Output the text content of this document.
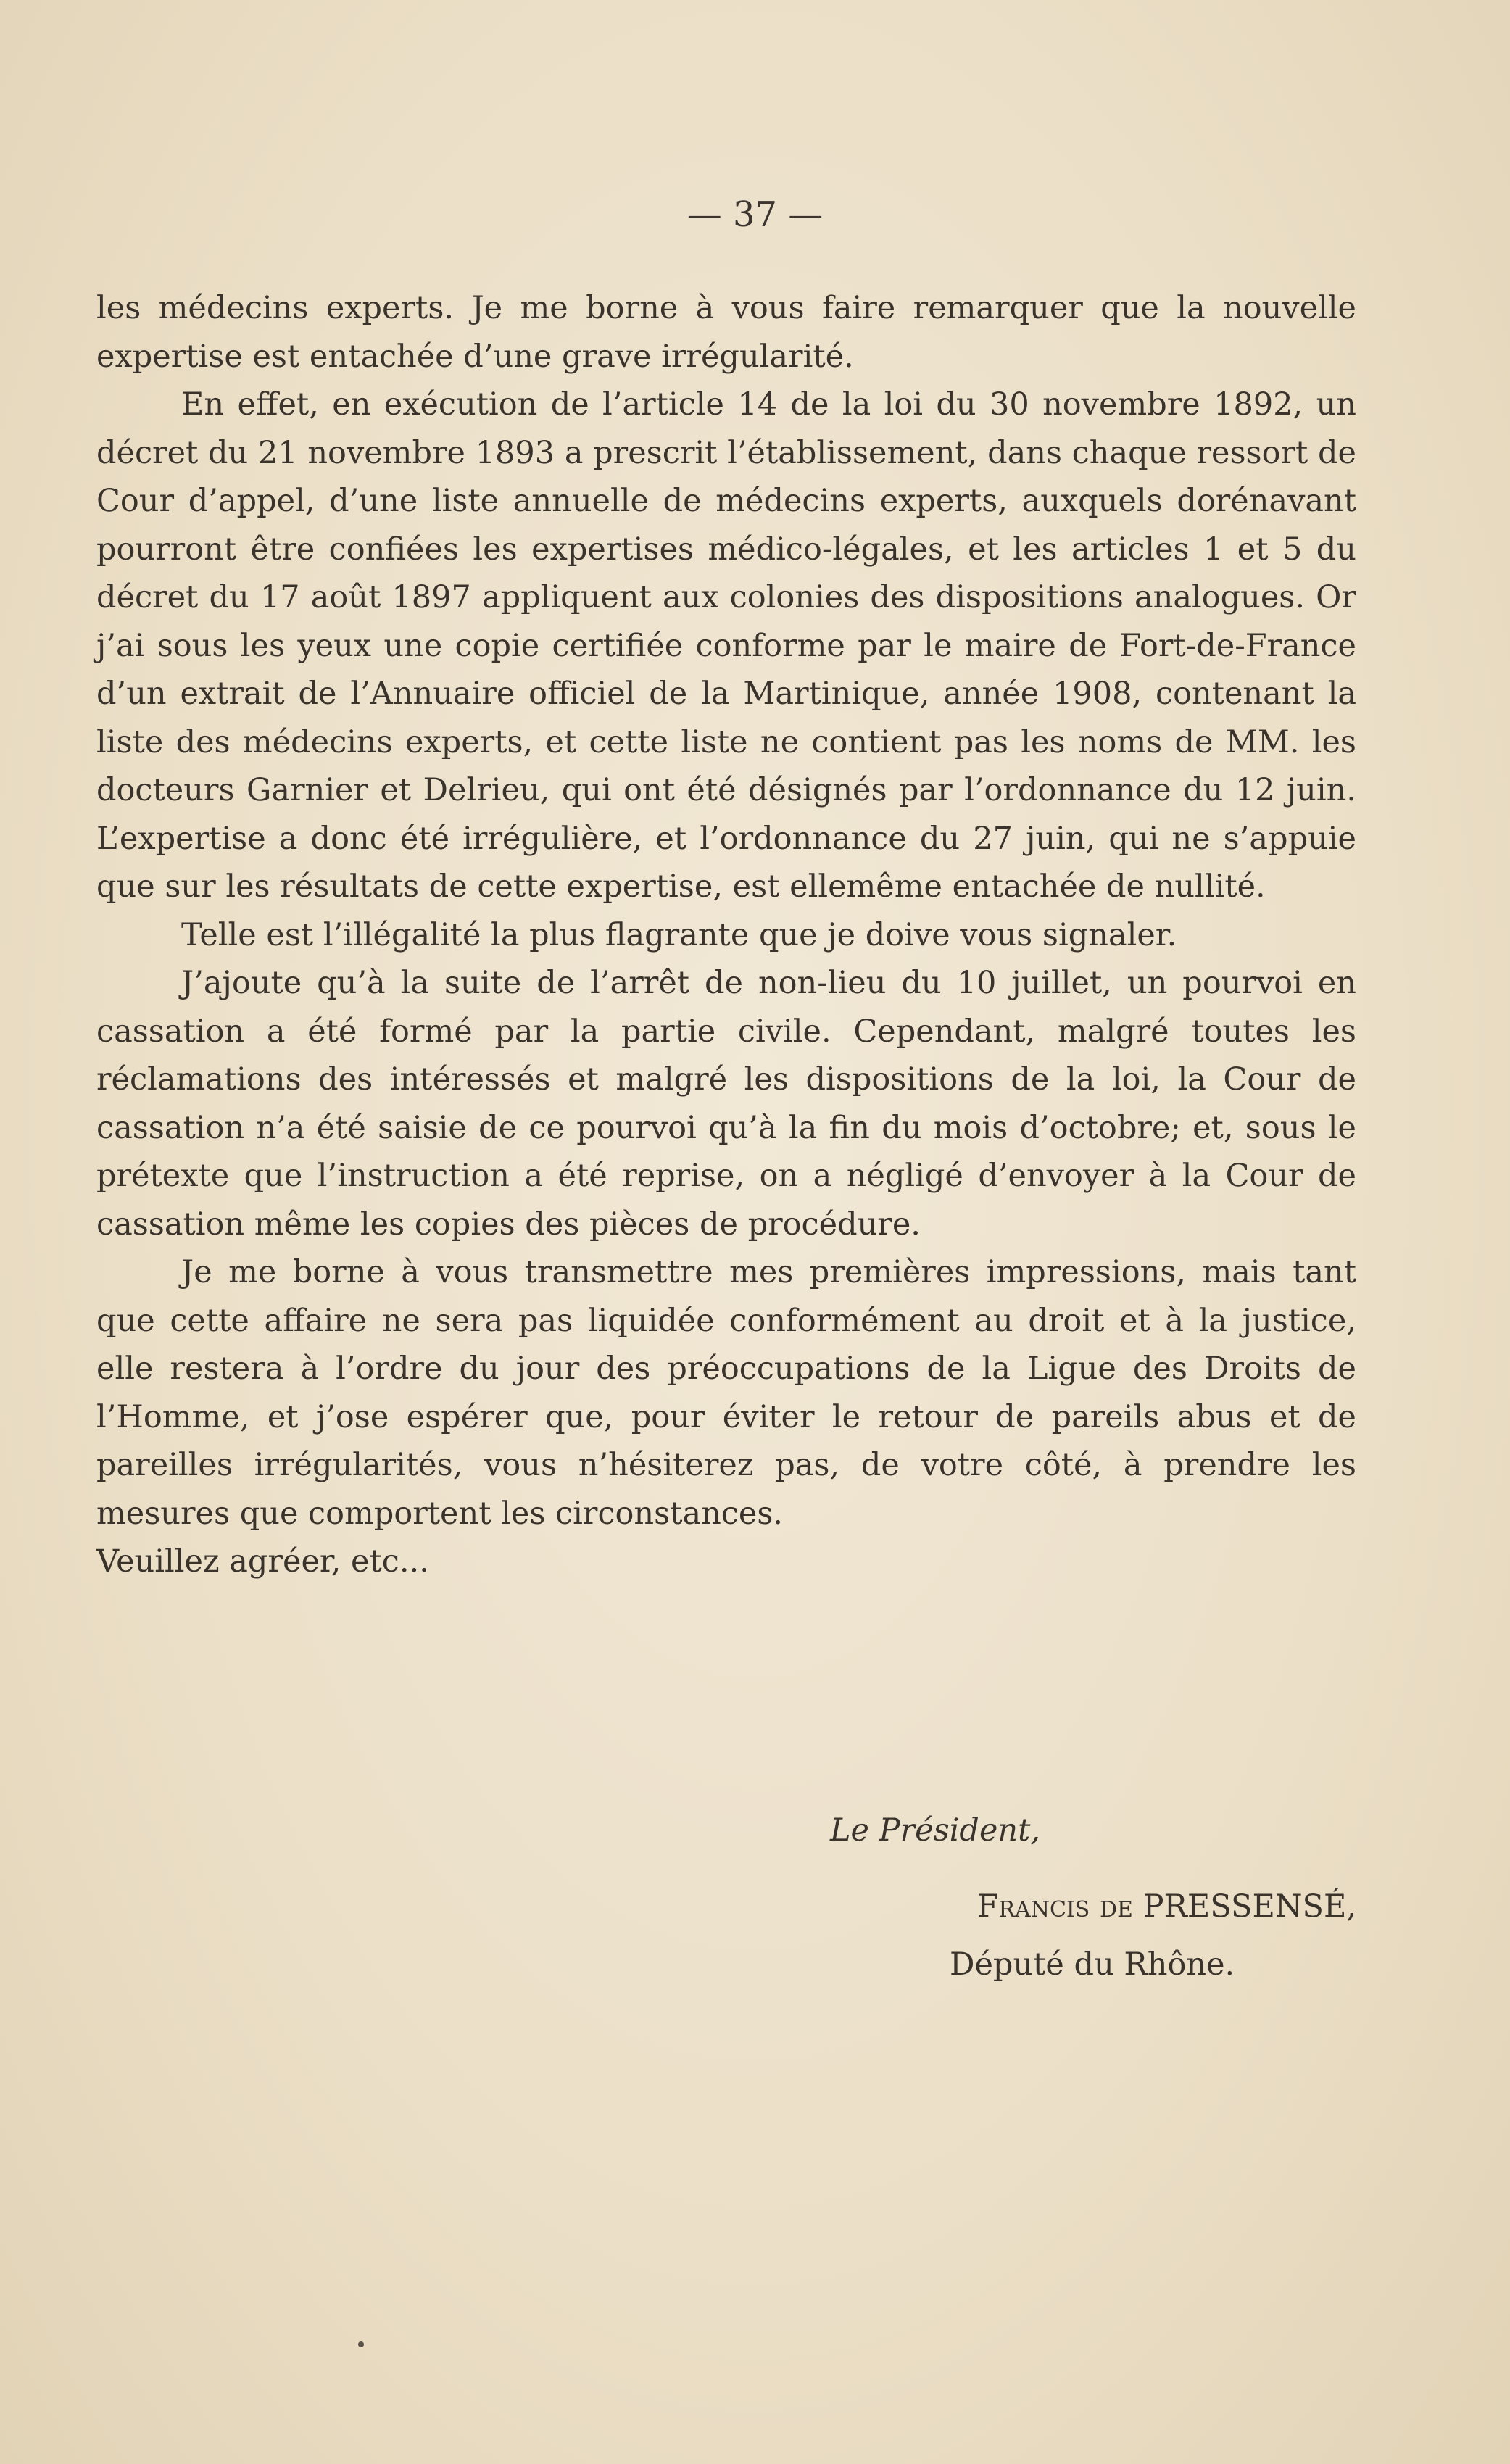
— 37 —

les médecins experts. Je me borne à vous faire remarquer que la nouvelle expertise est entachée d’une grave irrégularité.

En effet, en exécution de l’article 14 de la loi du 30 novembre 1892, un décret du 21 novembre 1893 a prescrit l’établissement, dans chaque ressort de Cour d’appel, d’une liste annuelle de médecins experts, auxquels dorénavant pourront être confiées les expertises médico-légales, et les articles 1 et 5 du décret du 17 août 1897 appliquent aux colonies des dispositions analogues. Or j’ai sous les yeux une copie certifiée conforme par le maire de Fort-de-France d’un extrait de l’Annuaire officiel de la Martinique, année 1908, contenant la liste des médecins experts, et cette liste ne contient pas les noms de MM. les docteurs Garnier et Delrieu, qui ont été désignés par l’ordonnance du 12 juin. L’expertise a donc été irrégulière, et l’ordonnance du 27 juin, qui ne s’appuie que sur les résultats de cette expertise, est ellemême entachée de nullité.

Telle est l’illégalité la plus flagrante que je doive vous signaler.

J’ajoute qu’à la suite de l’arrêt de non-lieu du 10 juillet, un pourvoi en cassation a été formé par la partie civile. Cependant, malgré toutes les réclamations des intéressés et malgré les dispositions de la loi, la Cour de cassation n’a été saisie de ce pourvoi qu’à la fin du mois d’octobre; et, sous le prétexte que l’instruction a été reprise, on a négligé d’envoyer à la Cour de cassation même les copies des pièces de procédure.

Je me borne à vous transmettre mes premières impressions, mais tant que cette affaire ne sera pas liquidée conformément au droit et à la justice, elle restera à l’ordre du jour des préoccupations de la Ligue des Droits de l’Homme, et j’ose espérer que, pour éviter le retour de pareils abus et de pareilles irrégularités, vous n’hésiterez pas, de votre côté, à prendre les mesures que comportent les circonstances.

Veuillez agréer, etc...

Le Président,
Francis de PRESSENSÉ,
Député du Rhône.
